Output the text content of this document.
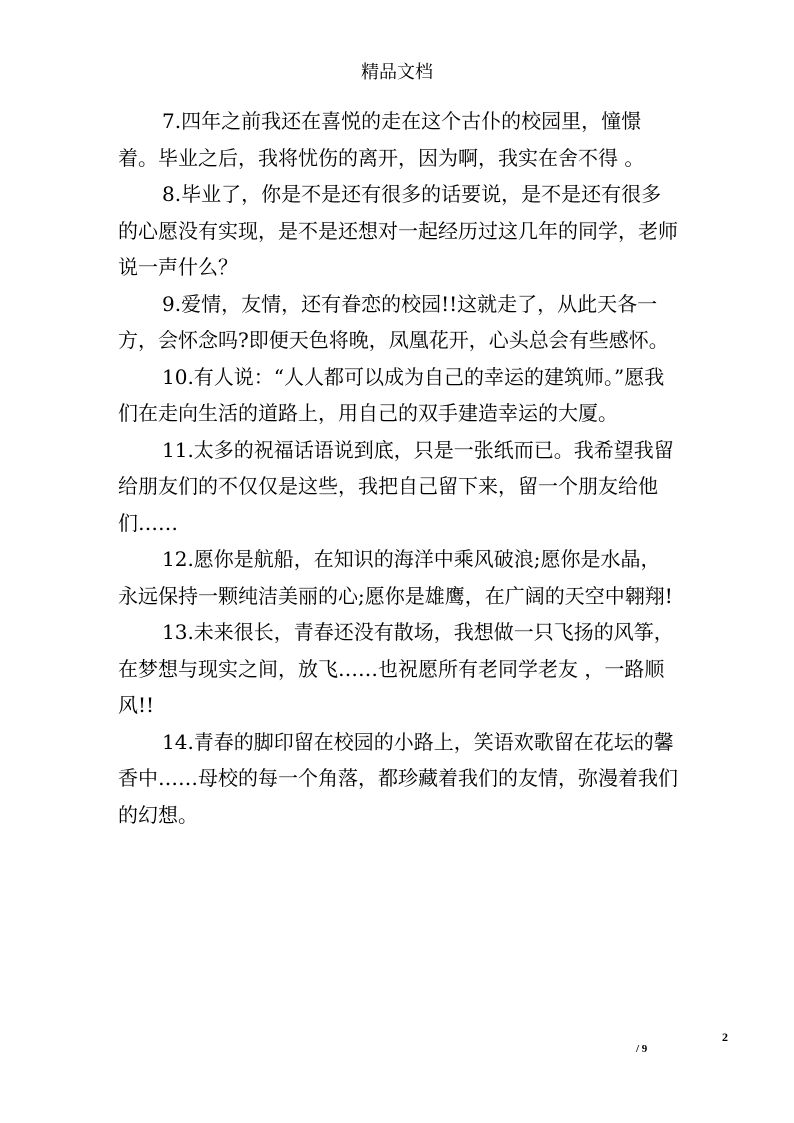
精品文档

7.四年之前我还在喜悦的走在这个古仆的校园里，憧憬着。毕业之后，我将忧伤的离开，因为啊，我实在舍不得 。

8.毕业了，你是不是还有很多的话要说，是不是还有很多的心愿没有实现，是不是还想对一起经历过这几年的同学，老师说一声什么？

9.爱情，友情，还有眷恋的校园!!这就走了，从此天各一方，会怀念吗?即便天色将晚，凤凰花开，心头总会有些感怀。

10.有人说：“人人都可以成为自己的幸运的建筑师。”愿我们在走向生活的道路上，用自己的双手建造幸运的大厦。

11.太多的祝福话语说到底，只是一张纸而已。我希望我留给朋友们的不仅仅是这些，我把自己留下来，留一个朋友给他们……

12.愿你是航船，在知识的海洋中乘风破浪;愿你是水晶，永远保持一颗纯洁美丽的心;愿你是雄鹰，在广阔的天空中翱翔!

13.未来很长，青春还没有散场，我想做一只飞扬的风筝，在梦想与现实之间，放飞……也祝愿所有老同学老友 ，一路顺风!!

14.青春的脚印留在校园的小路上，笑语欢歌留在花坛的馨香中……母校的每一个角落，都珍藏着我们的友情，弥漫着我们的幻想。

2
/ 9
